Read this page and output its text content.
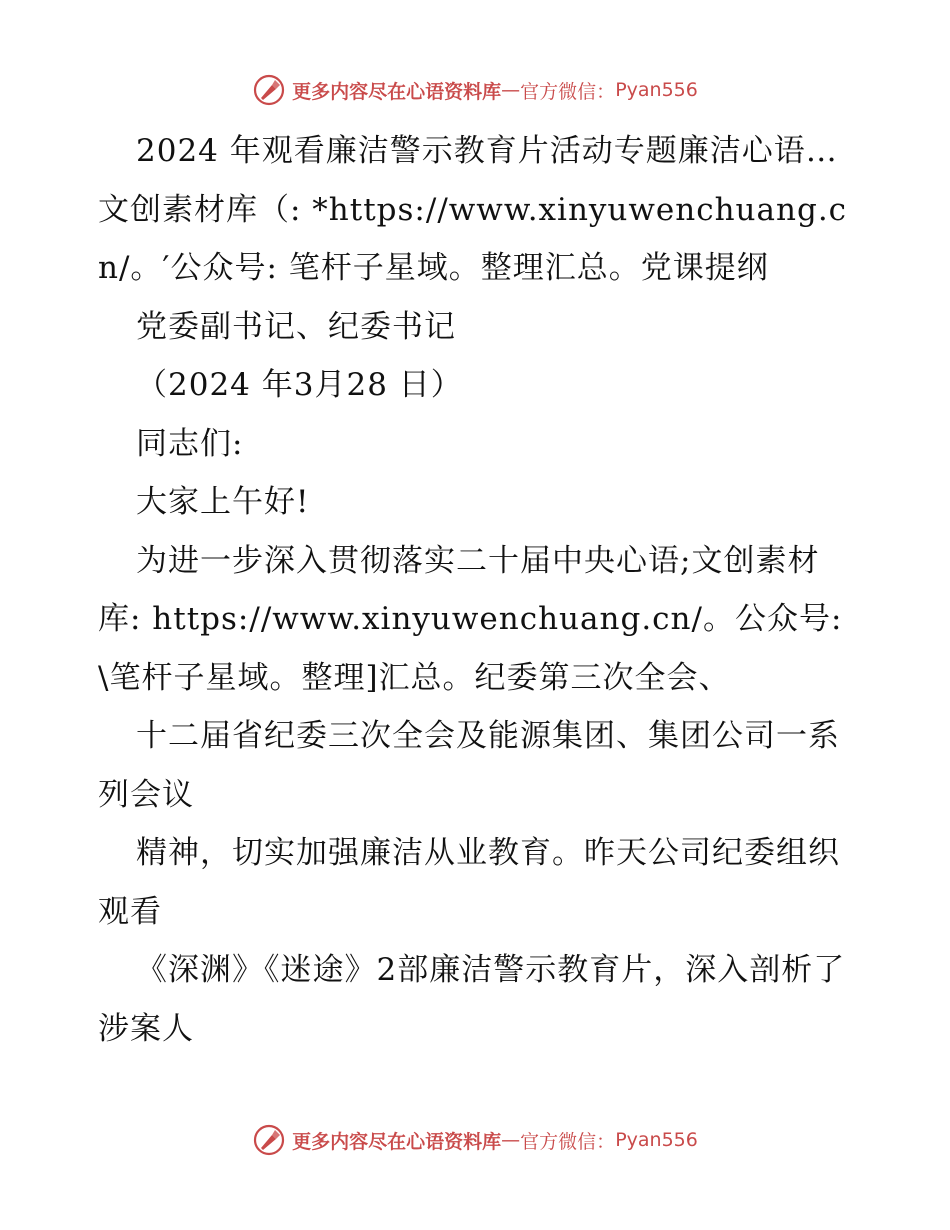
更多内容尽在心语资料库 — 官方微信： Pyan556

2024 年观看廉洁警示教育片活动专题廉洁心语…文创素材库（: *https://www.xinyuwenchuang.cn/。′公众号: 笔杆子星域。整理汇总。党课提纲

党委副书记、纪委书记

（2024 年3月28 日）

同志们:

大家上午好!

为进一步深入贯彻落实二十届中央心语;文创素材库: https://www.xinyuwenchuang.cn/。公众号: \笔杆子星域。整理]汇总。纪委第三次全会、

十二届省纪委三次全会及能源集团、集团公司一系列会议

精神，切实加强廉洁从业教育。昨天公司纪委组织观看

《深渊》《迷途》2部廉洁警示教育片，深入剖析了涉案人

更多内容尽在心语资料库 — 官方微信： Pyan556
